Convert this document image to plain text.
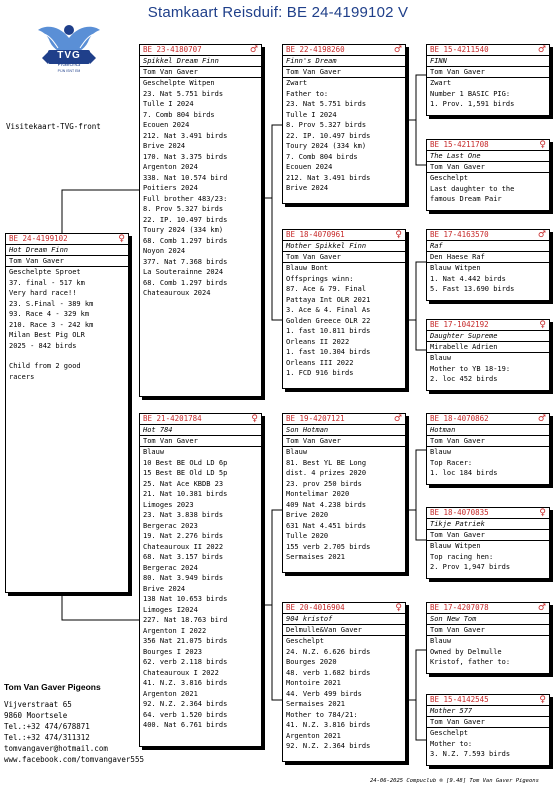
Stamkaart Reisduif: BE 24-4199102 V
TVG
PIGEONS
PIJN ISNT EM
Visitekaart-TVG-front
BE 24-4199102	♀
Hot Dream Finn
Tom Van Gaver
Geschelpte Sproet
37. final - 517 km
Very hard race!!
23. S.Final - 389 km
93. Race 4 - 329 km
210. Race 3 - 242 km
Milan Best Pig OLR
2025 - 842 birds
Child from 2 good
racers
BE 23-4180707	♂
Spikkel Dream Finn
Tom Van Gaver
Geschelpte Witpen
23. Nat 5.751 birds
Tulle I 2024
7. Comb 804 birds
Ecouen 2024
212. Nat 3.491 birds
Brive 2024
170. Nat 3.375 birds
Argenton 2024
338. Nat 10.574 bird
Poitiers 2024
Full brother 483/23:
8. Prov 5.327 birds
22. IP. 10.497 birds
Toury 2024 (334 km)
68. Comb 1.297 birds
Noyon 2024
377. Nat 7.368 birds
La Souterainne 2024
68. Comb 1.297 birds
Chateauroux 2024
BE 21-4201784	♀
Hot 784
Tom Van Gaver
Blauw
10 Best BE OLd LD 6p
15 Best BE Old LD 5p
25. Nat Ace KBDB 23
21. Nat 10.381 birds
Limoges 2023
23. Nat 3.838 birds
Bergerac 2023
19. Nat 2.276 birds
Chateauroux II 2022
68. Nat 3.157 birds
Bergerac 2024
80. Nat 3.949 birds
Brive 2024
138 Nat 10.653 birds
Limoges I2024
227. Nat 18.763 bird
Argenton I 2022
356 Nat 21.075 birds
Bourges I 2023
62. verb 2.118 birds
Chateauroux I 2022
41. N.Z. 3.816 birds
Argenton 2021
92. N.Z. 2.364 birds
64. verb 1.520 birds
400. Nat 6.761 birds
BE 22-4198260	♂
Finn's Dream
Tom Van Gaver
Zwart
Father to:
23. Nat 5.751 birds
Tulle I 2024
8. Prov 5.327 birds
22. IP. 10.497 birds
Toury 2024 (334 km)
7. Comb 804 birds
Ecouen 2024
212. Nat 3.491 birds
Brive 2024
BE 18-4070961	♀
Mother Spikkel Finn
Tom Van Gaver
Blauw Bont
Offsprings winn:
87. Ace & 79. Final
Pattaya Int OLR 2021
3. Ace & 4. Final As
Golden Greece OLR 22
1. fast 10.811 birds
Orleans II 2022
1. fast 10.304 birds
Orleans III 2022
1. FCD 916 birds
BE 19-4207121	♂
Son Hotman
Tom Van Gaver
Blauw
81. Best YL BE Long
dist. 4 prizes 2020
23. prov 250 birds
Montelimar 2020
409 Nat 4.238 birds
Brive 2020
631 Nat 4.451 birds
Tulle 2020
155 verb 2.705 birds
Sermaises 2021
BE 20-4016904	♀
904 kristof
Delmulle&Van Gaver
Geschelpt
24. N.Z. 6.626 birds
Bourges 2020
48. verb 1.682 birds
Montoire 2021
44. Verb 499 birds
Sermaises 2021
Mother to 784/21:
41. N.Z. 3.816 birds
Argenton 2021
92. N.Z. 2.364 birds
BE 15-4211540	♂
FINN
Tom Van Gaver
Zwart
Number 1 BASIC PIG:
1. Prov. 1,591 birds
BE 15-4211708	♀
The Last One
Tom Van Gaver
Geschelpt
Last daughter to the
famous Dream Pair
BE 17-4163570	♂
Raf
Den Haese Raf
Blauw Witpen
1. Nat 4.442 birds
5. Fast 13.690 birds
BE 17-1042192	♀
Daughter Supreme
Mirabelle Adrien
Blauw
Mother to YB 18-19:
2. loc 452 birds
BE 18-4070862	♂
Hotman
Tom Van Gaver
Blauw
Top Racer:
1. loc 184 birds
BE 18-4070835	♀
Tikje Patriek
Tom Van Gaver
Blauw Witpen
Top racing hen:
2. Prov 1,947 birds
BE 17-4207078	♂
Son New Tom
Tom Van Gaver
Blauw
Owned by Delmulle
Kristof, father to:
BE 15-4142545	♀
Mother 577
Tom Van Gaver
Geschelpt
Mother to:
3. N.Z. 7.593 birds
Tom Van Gaver Pigeons
Vijverstraat 65
9860 Moortsele
Tel.:+32 474/678871
Tel.:+32 474/311312
tomvangaver@hotmail.com
www.facebook.com/tomvangaver555
24-06-2025 Compuclub ® [9.48] Tom Van Gaver Pigeons
